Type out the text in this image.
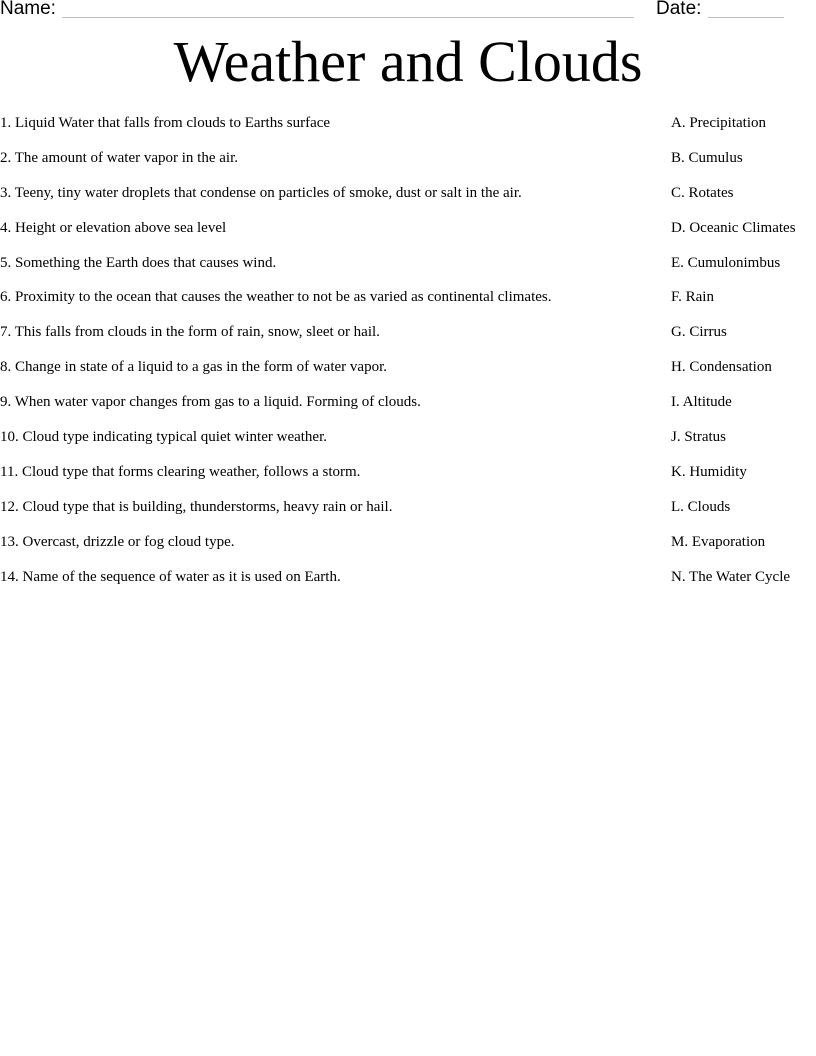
Name:	Date:
Weather and Clouds
1. Liquid Water that falls from clouds to Earths surface	A. Precipitation
2. The amount of water vapor in the air.	B. Cumulus
3. Teeny, tiny water droplets that condense on particles of smoke, dust or salt in the air.	C. Rotates
4. Height or elevation above sea level	D. Oceanic Climates
5. Something the Earth does that causes wind.	E. Cumulonimbus
6. Proximity to the ocean that causes the weather to not be as varied as continental climates.	F. Rain
7. This falls from clouds in the form of rain, snow, sleet or hail.	G. Cirrus
8. Change in state of a liquid to a gas in the form of water vapor.	H. Condensation
9. When water vapor changes from gas to a liquid. Forming of clouds.	I. Altitude
10. Cloud type indicating typical quiet winter weather.	J. Stratus
11. Cloud type that forms clearing weather, follows a storm.	K. Humidity
12. Cloud type that is building, thunderstorms, heavy rain or hail.	L. Clouds
13. Overcast, drizzle or fog cloud type.	M. Evaporation
14. Name of the sequence of water as it is used on Earth.	N. The Water Cycle
